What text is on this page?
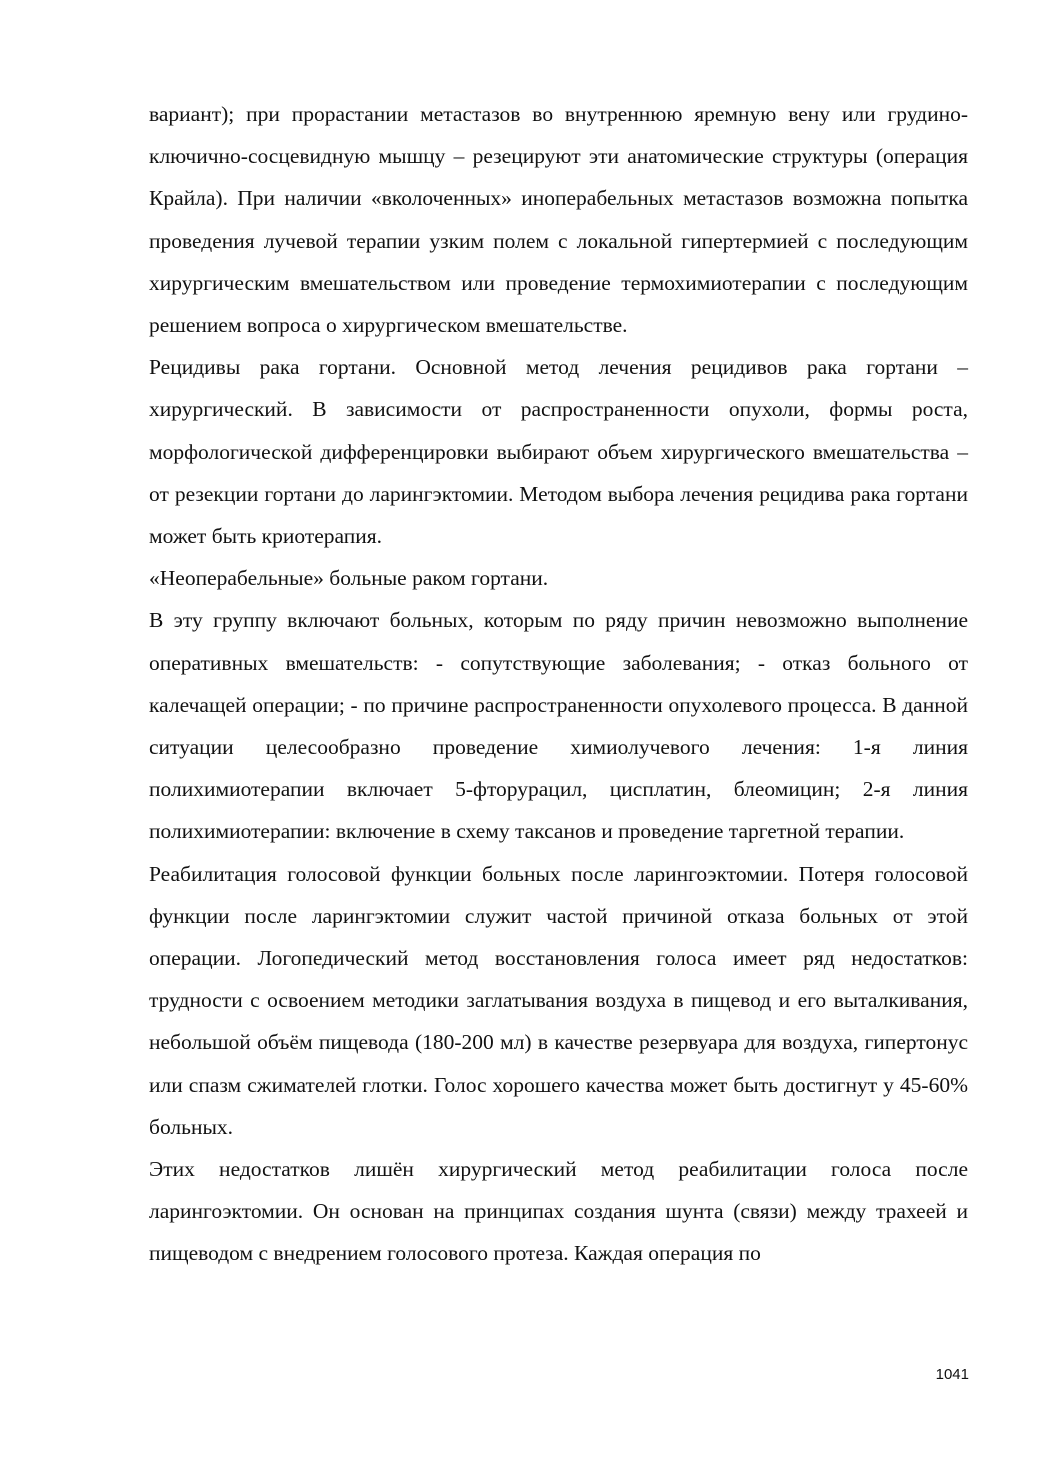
вариант); при прорастании метастазов во внутреннюю яремную вену или грудино-ключично-сосцевидную мышцу – резецируют эти анатомические структуры (операция Крайла). При наличии «вколоченных» иноперабельных метастазов возможна попытка проведения лучевой терапии узким полем с локальной гипертермией с последующим хирургическим вмешательством или проведение термохимиотерапии с последующим решением вопроса о хирургическом вмешательстве.

Рецидивы рака гортани. Основной метод лечения рецидивов рака гортани – хирургический. В зависимости от распространенности опухоли, формы роста, морфологической дифференцировки выбирают объем хирургического вмешательства – от резекции гортани до ларингэктомии. Методом выбора лечения рецидива рака гортани может быть криотерапия.

«Неоперабельные» больные раком гортани.

В эту группу включают больных, которым по ряду причин невозможно выполнение оперативных вмешательств: - сопутствующие заболевания; - отказ больного от калечащей операции; - по причине распространенности опухолевого процесса. В данной ситуации целесообразно проведение химиолучевого лечения: 1-я линия полихимиотерапии включает 5-фторурацил, цисплатин, блеомицин; 2-я линия полихимиотерапии: включение в схему таксанов и проведение таргетной терапии.

Реабилитация голосовой функции больных после ларингоэктомии. Потеря голосовой функции после ларингэктомии служит частой причиной отказа больных от этой операции. Логопедический метод восстановления голоса имеет ряд недостатков: трудности с освоением методики заглатывания воздуха в пищевод и его выталкивания, небольшой объём пищевода (180-200 мл) в качестве резервуара для воздуха, гипертонус или спазм сжимателей глотки. Голос хорошего качества может быть достигнут у 45-60% больных.

Этих недостатков лишён хирургический метод реабилитации голоса после ларингоэктомии. Он основан на принципах создания шунта (связи) между трахеей и пищеводом с внедрением голосового протеза. Каждая операция по

1041
